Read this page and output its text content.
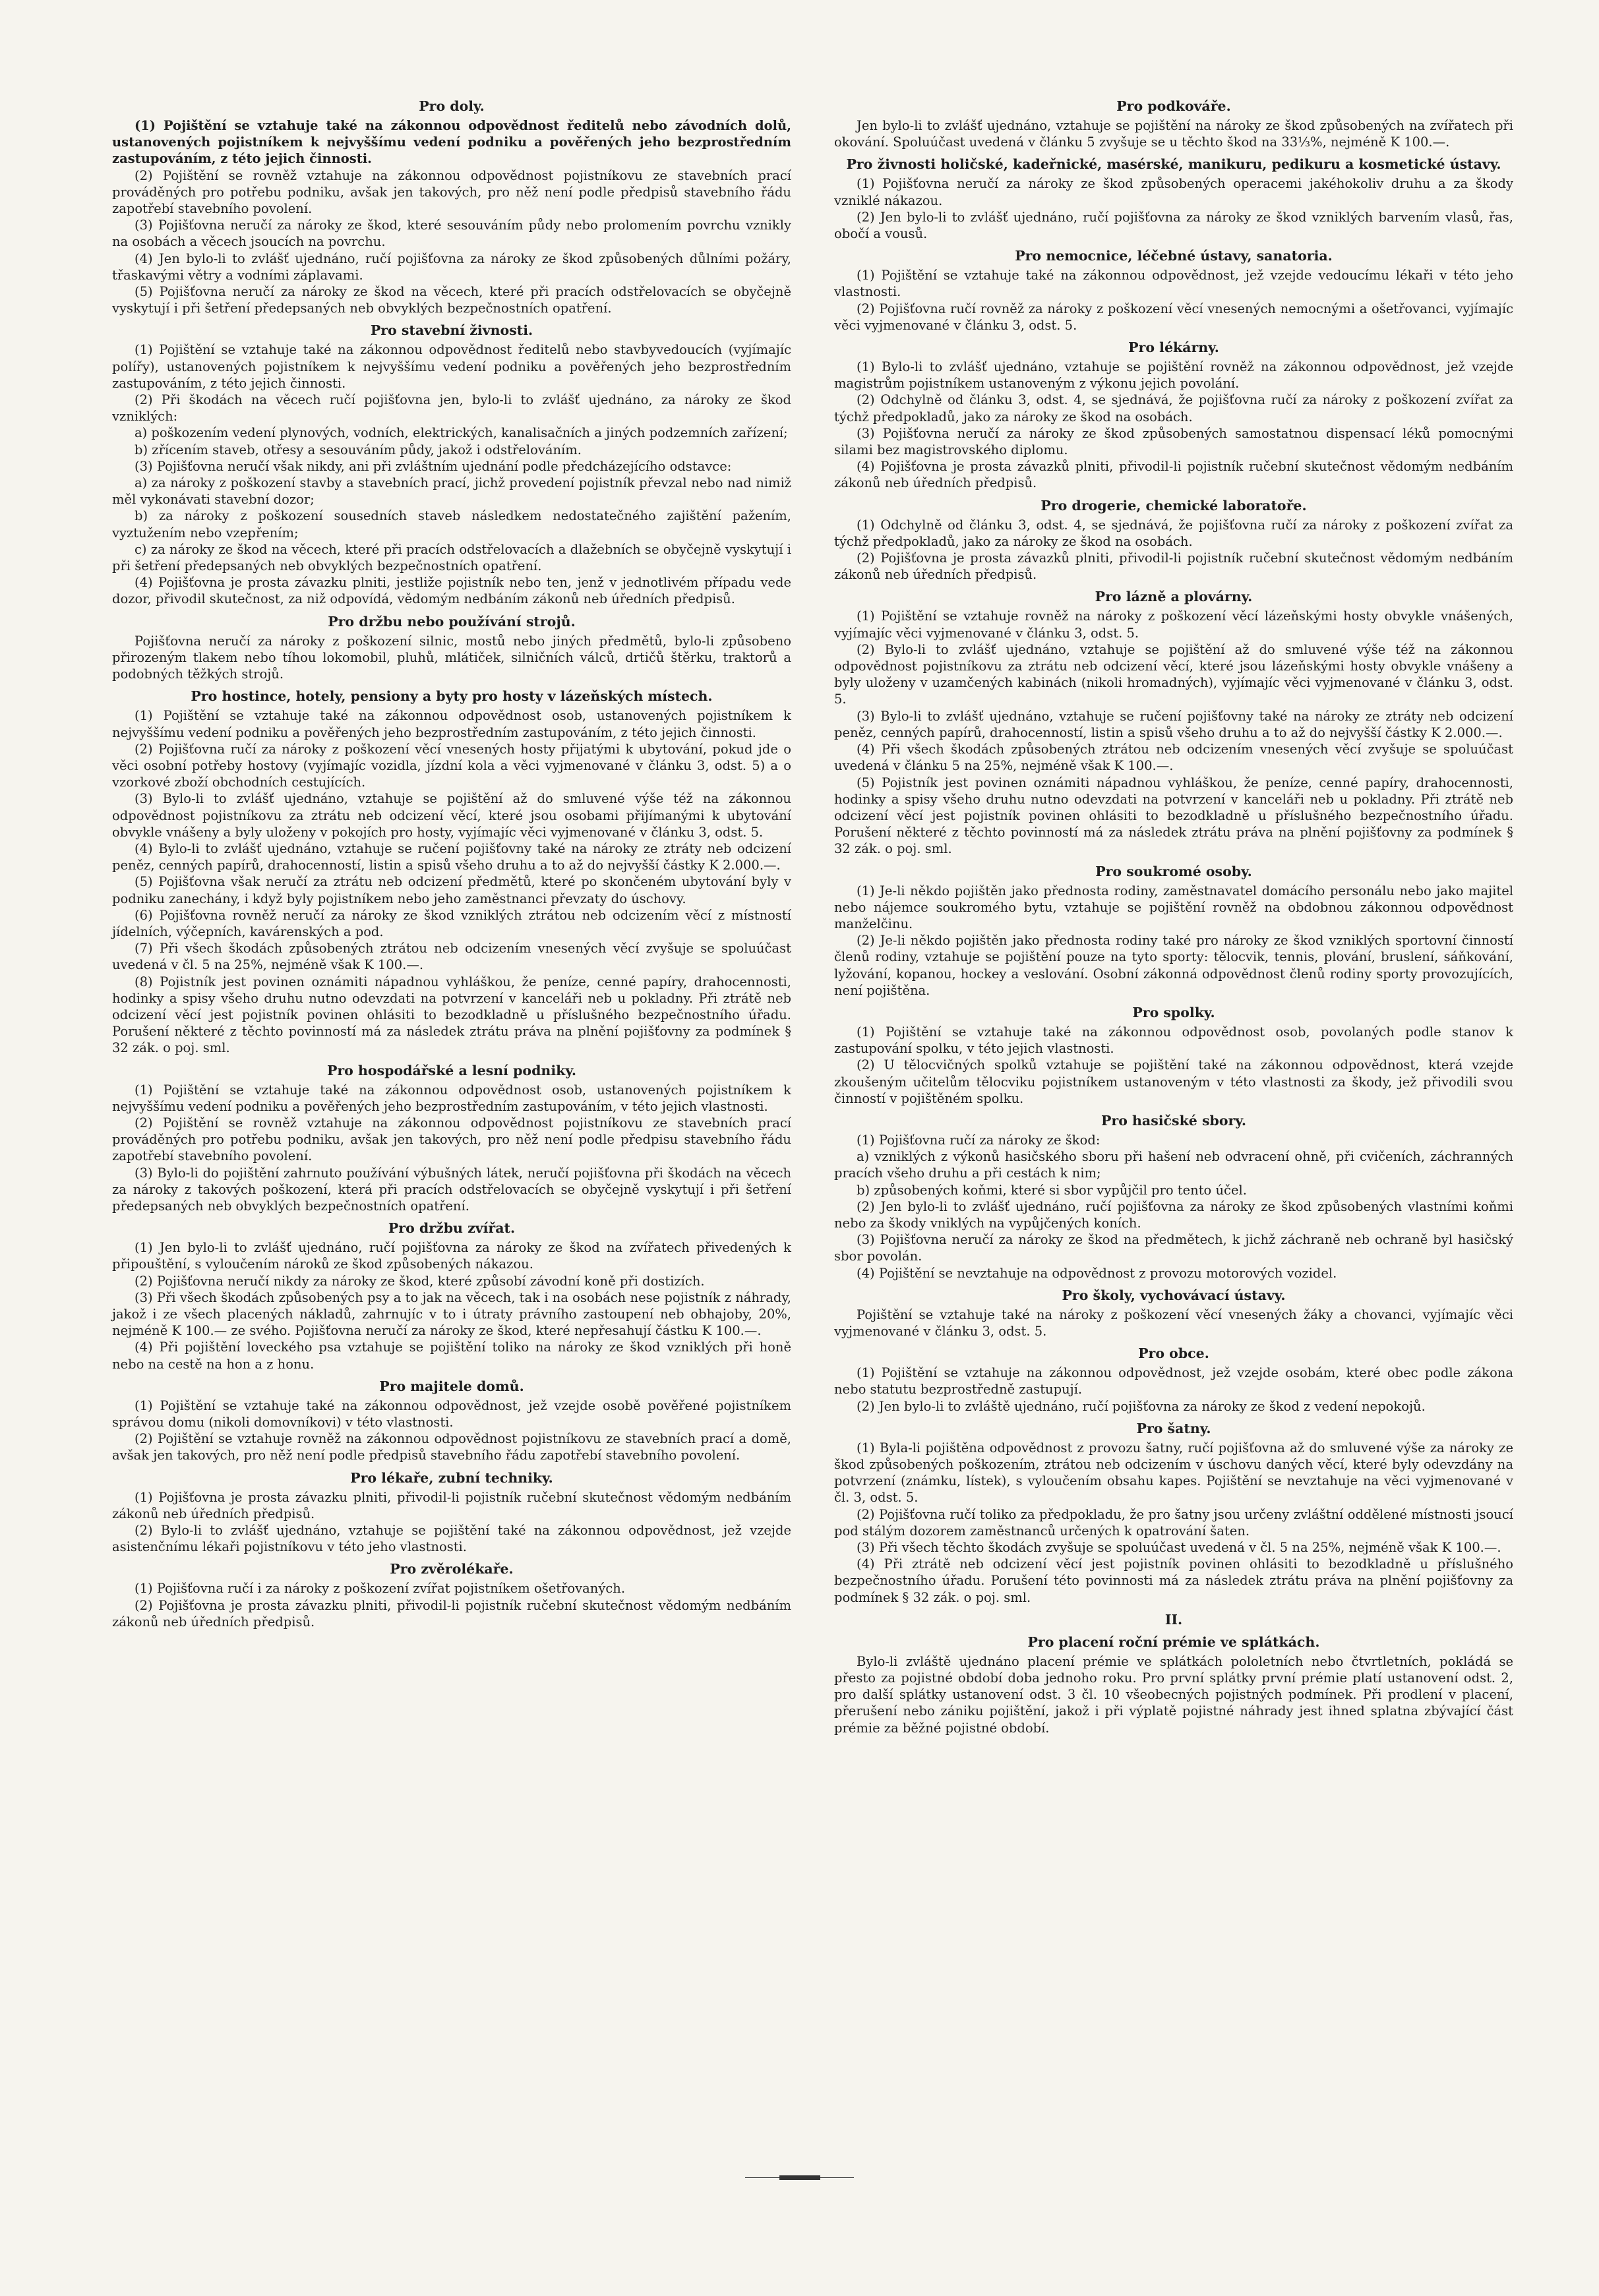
Pro doly.

(1) Pojištění se vztahuje také na zákonnou odpovědnost ředitelů nebo závodních dolů, ustanovených pojistníkem k nejvyššímu vedení podniku a pověřených jeho bezprostředním zastupováním, z této jejich činnosti.

(2) Pojištění se rovněž vztahuje na zákonnou odpovědnost pojistníkovu ze stavebních prací prováděných pro potřebu podniku, avšak jen takových, pro něž není podle předpisů stavebního řádu zapotřebí stavebního povolení.

(3) Pojišťovna neručí za nároky ze škod, které sesouváním půdy nebo prolomením povrchu vznikly na osobách a věcech jsoucích na povrchu.

(4) Jen bylo-li to zvlášť ujednáno, ručí pojišťovna za nároky ze škod způsobených důlními požáry, třaskavými větry a vodními záplavami.

(5) Pojišťovna neručí za nároky ze škod na věcech, které při pracích odstřelovacích se obyčejně vyskytují i při šetření předepsaných neb obvyklých bezpečnostních opatření.

Pro stavební živnosti.

(1) Pojištění se vztahuje také na zákonnou odpovědnost ředitelů nebo stavbyvedoucích (vyjímajíc polířy), ustanovených pojistníkem k nejvyššímu vedení podniku a pověřených jeho bezprostředním zastupováním, z této jejich činnosti.

(2) Při škodách na věcech ručí pojišťovna jen, bylo-li to zvlášť ujednáno, za nároky ze škod vzniklých:

a) poškozením vedení plynových, vodních, elektrických, kanalisačních a jiných podzemních zařízení;

b) zřícením staveb, otřesy a sesouváním půdy, jakož i odstřelováním.

(3) Pojišťovna neručí však nikdy, ani při zvláštním ujednání podle předcházejícího odstavce:

a) za nároky z poškození stavby a stavebních prací, jichž provedení pojistník převzal nebo nad nimiž měl vykonávati stavební dozor;

b) za nároky z poškození sousedních staveb následkem nedostatečného zajištění pažením, vyztužením nebo vzepřením;

c) za nároky ze škod na věcech, které při pracích odstřelovacích a dlažebních se obyčejně vyskytují i při šetření předepsaných neb obvyklých bezpečnostních opatření.

(4) Pojišťovna je prosta závazku plniti, jestliže pojistník nebo ten, jenž v jednotlivém případu vede dozor, přivodil skutečnost, za niž odpovídá, vědomým nedbáním zákonů neb úředních předpisů.

Pro držbu nebo používání strojů.

Pojišťovna neručí za nároky z poškození silnic, mostů nebo jiných předmětů, bylo-li způsobeno přirozeným tlakem nebo tíhou lokomobil, pluhů, mlátiček, silničních válců, drtičů štěrku, traktorů a podobných těžkých strojů.

Pro hostince, hotely, pensiony a byty pro hosty v lázeňských místech.

(1) Pojištění se vztahuje také na zákonnou odpovědnost osob, ustanovených pojistníkem k nejvyššímu vedení podniku a pověřených jeho bezprostředním zastupováním, z této jejich činnosti.

(2) Pojišťovna ručí za nároky z poškození věcí vnesených hosty přijatými k ubytování, pokud jde o věci osobní potřeby hostovy (vyjímajíc vozidla, jízdní kola a věci vyjmenované v článku 3, odst. 5) a o vzorkové zboží obchodních cestujících.

(3) Bylo-li to zvlášť ujednáno, vztahuje se pojištění až do smluvené výše též na zákonnou odpovědnost pojistníkovu za ztrátu neb odcizení věcí, které jsou osobami přijímanými k ubytování obvykle vnášeny a byly uloženy v pokojích pro hosty, vyjímajíc věci vyjmenované v článku 3, odst. 5.

(4) Bylo-li to zvlášť ujednáno, vztahuje se ručení pojišťovny také na nároky ze ztráty neb odcizení peněz, cenných papírů, drahocenností, listin a spisů všeho druhu a to až do nejvyšší částky K 2.000.—.

(5) Pojišťovna však neručí za ztrátu neb odcizení předmětů, které po skončeném ubytování byly v podniku zanechány, i když byly pojistníkem nebo jeho zaměstnanci převzaty do úschovy.

(6) Pojišťovna rovněž neručí za nároky ze škod vzniklých ztrátou neb odcizením věcí z místností jídelních, výčepních, kavárenských a pod.

(7) Při všech škodách způsobených ztrátou neb odcizením vnesených věcí zvyšuje se spoluúčast uvedená v čl. 5 na 25%, nejméně však K 100.—.

(8) Pojistník jest povinen oznámiti nápadnou vyhláškou, že peníze, cenné papíry, drahocennosti, hodinky a spisy všeho druhu nutno odevzdati na potvrzení v kanceláři neb u pokladny. Při ztrátě neb odcizení věcí jest pojistník povinen ohlásiti to bezodkladně u příslušného bezpečnostního úřadu. Porušení některé z těchto povinností má za následek ztrátu práva na plnění pojišťovny za podmínek § 32 zák. o poj. sml.

Pro hospodářské a lesní podniky.

(1) Pojištění se vztahuje také na zákonnou odpovědnost osob, ustanovených pojistníkem k nejvyššímu vedení podniku a pověřených jeho bezprostředním zastupováním, v této jejich vlastnosti.

(2) Pojištění se rovněž vztahuje na zákonnou odpovědnost pojistníkovu ze stavebních prací prováděných pro potřebu podniku, avšak jen takových, pro něž není podle předpisu stavebního řádu zapotřebí stavebního povolení.

(3) Bylo-li do pojištění zahrnuto používání výbušných látek, neručí pojišťovna při škodách na věcech za nároky z takových poškození, která při pracích odstřelovacích se obyčejně vyskytují i při šetření předepsaných neb obvyklých bezpečnostních opatření.

Pro držbu zvířat.

(1) Jen bylo-li to zvlášť ujednáno, ručí pojišťovna za nároky ze škod na zvířatech přivedených k připouštění, s vyloučením nároků ze škod způsobených nákazou.

(2) Pojišťovna neručí nikdy za nároky ze škod, které způsobí závodní koně při dostizích.

(3) Při všech škodách způsobených psy a to jak na věcech, tak i na osobách nese pojistník z náhrady, jakož i ze všech placených nákladů, zahrnujíc v to i útraty právního zastoupení neb obhajoby, 20%, nejméně K 100.— ze svého. Pojišťovna neručí za nároky ze škod, které nepřesahují částku K 100.—.

(4) Při pojištění loveckého psa vztahuje se pojištění toliko na nároky ze škod vzniklých při honě nebo na cestě na hon a z honu.

Pro majitele domů.

(1) Pojištění se vztahuje také na zákonnou odpovědnost, jež vzejde osobě pověřené pojistníkem správou domu (nikoli domovníkovi) v této vlastnosti.

(2) Pojištění se vztahuje rovněž na zákonnou odpovědnost pojistníkovu ze stavebních prací a domě, avšak jen takových, pro něž není podle předpisů stavebního řádu zapotřebí stavebního povolení.

Pro lékaře, zubní techniky.

(1) Pojišťovna je prosta závazku plniti, přivodil-li pojistník ručební skutečnost vědomým nedbáním zákonů neb úředních předpisů.

(2) Bylo-li to zvlášť ujednáno, vztahuje se pojištění také na zákonnou odpovědnost, jež vzejde asistenčnímu lékaři pojistníkovu v této jeho vlastnosti.

Pro zvěrolékaře.

(1) Pojišťovna ručí i za nároky z poškození zvířat pojistníkem ošetřovaných.

(2) Pojišťovna je prosta závazku plniti, přivodil-li pojistník ručební skutečnost vědomým nedbáním zákonů neb úředních předpisů.

Pro podkováře.

Jen bylo-li to zvlášť ujednáno, vztahuje se pojištění na nároky ze škod způsobených na zvířatech při okování. Spoluúčast uvedená v článku 5 zvyšuje se u těchto škod na 33⅓%, nejméně K 100.—.

Pro živnosti holičské, kadeřnické, masérské, manikuru, pedikuru a kosmetické ústavy.

(1) Pojišťovna neručí za nároky ze škod způsobených operacemi jakéhokoliv druhu a za škody vzniklé nákazou.

(2) Jen bylo-li to zvlášť ujednáno, ručí pojišťovna za nároky ze škod vzniklých barvením vlasů, řas, obočí a vousů.

Pro nemocnice, léčebné ústavy, sanatoria.

(1) Pojištění se vztahuje také na zákonnou odpovědnost, jež vzejde vedoucímu lékaři v této jeho vlastnosti.

(2) Pojišťovna ručí rovněž za nároky z poškození věcí vnesených nemocnými a ošetřovanci, vyjímajíc věci vyjmenované v článku 3, odst. 5.

Pro lékárny.

(1) Bylo-li to zvlášť ujednáno, vztahuje se pojištění rovněž na zákonnou odpovědnost, jež vzejde magistrům pojistníkem ustanoveným z výkonu jejich povolání.

(2) Odchylně od článku 3, odst. 4, se sjednává, že pojišťovna ručí za nároky z poškození zvířat za týchž předpokladů, jako za nároky ze škod na osobách.

(3) Pojišťovna neručí za nároky ze škod způsobených samostatnou dispensací léků pomocnými silami bez magistrovského diplomu.

(4) Pojišťovna je prosta závazků plniti, přivodil-li pojistník ručební skutečnost vědomým nedbáním zákonů neb úředních předpisů.

Pro drogerie, chemické laboratoře.

(1) Odchylně od článku 3, odst. 4, se sjednává, že pojišťovna ručí za nároky z poškození zvířat za týchž předpokladů, jako za nároky ze škod na osobách.

(2) Pojišťovna je prosta závazků plniti, přivodil-li pojistník ručební skutečnost vědomým nedbáním zákonů neb úředních předpisů.

Pro lázně a plovárny.

(1) Pojištění se vztahuje rovněž na nároky z poškození věcí lázeňskými hosty obvykle vnášených, vyjímajíc věci vyjmenované v článku 3, odst. 5.

(2) Bylo-li to zvlášť ujednáno, vztahuje se pojištění až do smluvené výše též na zákonnou odpovědnost pojistníkovu za ztrátu neb odcizení věcí, které jsou lázeňskými hosty obvykle vnášeny a byly uloženy v uzamčených kabinách (nikoli hromadných), vyjímajíc věci vyjmenované v článku 3, odst. 5.

(3) Bylo-li to zvlášť ujednáno, vztahuje se ručení pojišťovny také na nároky ze ztráty neb odcizení peněz, cenných papírů, drahocenností, listin a spisů všeho druhu a to až do nejvyšší částky K 2.000.—.

(4) Při všech škodách způsobených ztrátou neb odcizením vnesených věcí zvyšuje se spoluúčast uvedená v článku 5 na 25%, nejméně však K 100.—.

(5) Pojistník jest povinen oznámiti nápadnou vyhláškou, že peníze, cenné papíry, drahocennosti, hodinky a spisy všeho druhu nutno odevzdati na potvrzení v kanceláři neb u pokladny. Při ztrátě neb odcizení věcí jest pojistník povinen ohlásiti to bezodkladně u příslušného bezpečnostního úřadu. Porušení některé z těchto povinností má za následek ztrátu práva na plnění pojišťovny za podmínek § 32 zák. o poj. sml.

Pro soukromé osoby.

(1) Je-li někdo pojištěn jako přednosta rodiny, zaměstnavatel domácího personálu nebo jako majitel nebo nájemce soukromého bytu, vztahuje se pojištění rovněž na obdobnou zákonnou odpovědnost manželčinu.

(2) Je-li někdo pojištěn jako přednosta rodiny také pro nároky ze škod vzniklých sportovní činností členů rodiny, vztahuje se pojištění pouze na tyto sporty: tělocvik, tennis, plování, bruslení, sáňkování, lyžování, kopanou, hockey a veslování. Osobní zákonná odpovědnost členů rodiny sporty provozujících, není pojištěna.

Pro spolky.

(1) Pojištění se vztahuje také na zákonnou odpovědnost osob, povolaných podle stanov k zastupování spolku, v této jejich vlastnosti.

(2) U tělocvičných spolků vztahuje se pojištění také na zákonnou odpovědnost, která vzejde zkoušeným učitelům tělocviku pojistníkem ustanoveným v této vlastnosti za škody, jež přivodili svou činností v pojištěném spolku.

Pro hasičské sbory.

(1) Pojišťovna ručí za nároky ze škod:

a) vzniklých z výkonů hasičského sboru při hašení neb odvracení ohně, při cvičeních, záchranných pracích všeho druhu a při cestách k nim;

b) způsobených koňmi, které si sbor vypůjčil pro tento účel.

(2) Jen bylo-li to zvlášť ujednáno, ručí pojišťovna za nároky ze škod způsobených vlastními koňmi nebo za škody vniklých na vypůjčených koních.

(3) Pojišťovna neručí za nároky ze škod na předmětech, k jichž záchraně neb ochraně byl hasičský sbor povolán.

(4) Pojištění se nevztahuje na odpovědnost z provozu motorových vozidel.

Pro školy, vychovávací ústavy.

Pojištění se vztahuje také na nároky z poškození věcí vnesených žáky a chovanci, vyjímajíc věci vyjmenované v článku 3, odst. 5.

Pro obce.

(1) Pojištění se vztahuje na zákonnou odpovědnost, jež vzejde osobám, které obec podle zákona nebo statutu bezprostředně zastupují.

(2) Jen bylo-li to zvláště ujednáno, ručí pojišťovna za nároky ze škod z vedení nepokojů.

Pro šatny.

(1) Byla-li pojištěna odpovědnost z provozu šatny, ručí pojišťovna až do smluvené výše za nároky ze škod způsobených poškozením, ztrátou neb odcizením v úschovu daných věcí, které byly odevzdány na potvrzení (známku, lístek), s vyloučením obsahu kapes. Pojištění se nevztahuje na věci vyjmenované v čl. 3, odst. 5.

(2) Pojišťovna ručí toliko za předpokladu, že pro šatny jsou určeny zvláštní oddělené místnosti jsoucí pod stálým dozorem zaměstnanců určených k opatrování šaten.

(3) Při všech těchto škodách zvyšuje se spoluúčast uvedená v čl. 5 na 25%, nejméně však K 100.—.

(4) Při ztrátě neb odcizení věcí jest pojistník povinen ohlásiti to bezodkladně u příslušného bezpečnostního úřadu. Porušení této povinnosti má za následek ztrátu práva na plnění pojišťovny za podmínek § 32 zák. o poj. sml.

II.
Pro placení roční prémie ve splátkách.

Bylo-li zvláště ujednáno placení prémie ve splátkách pololetních nebo čtvrtletních, pokládá se přesto za pojistné období doba jednoho roku. Pro první splátky první prémie platí ustanovení odst. 2, pro další splátky ustanovení odst. 3 čl. 10 všeobecných pojistných podmínek. Při prodlení v placení, přerušení nebo zániku pojištění, jakož i při výplatě pojistné náhrady jest ihned splatna zbývající část prémie za běžné pojistné období.
